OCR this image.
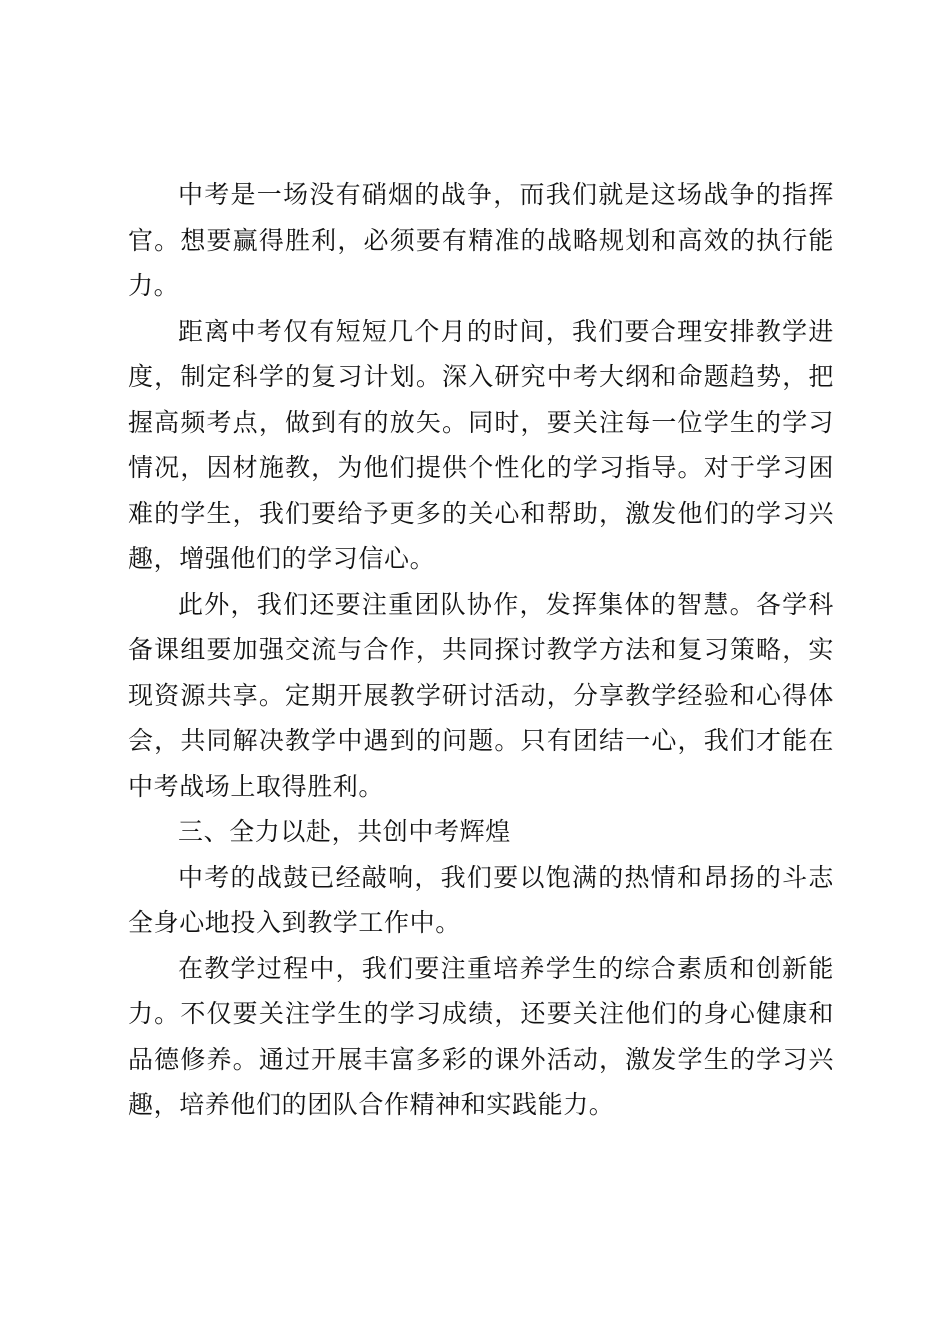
中考是一场没有硝烟的战争，而我们就是这场战争的指挥官。想要赢得胜利，必须要有精准的战略规划和高效的执行能力。

距离中考仅有短短几个月的时间，我们要合理安排教学进度，制定科学的复习计划。深入研究中考大纲和命题趋势，把握高频考点，做到有的放矢。同时，要关注每一位学生的学习情况，因材施教，为他们提供个性化的学习指导。对于学习困难的学生，我们要给予更多的关心和帮助，激发他们的学习兴趣，增强他们的学习信心。

此外，我们还要注重团队协作，发挥集体的智慧。各学科备课组要加强交流与合作，共同探讨教学方法和复习策略，实现资源共享。定期开展教学研讨活动，分享教学经验和心得体会，共同解决教学中遇到的问题。只有团结一心，我们才能在中考战场上取得胜利。

三、全力以赴，共创中考辉煌

中考的战鼓已经敲响，我们要以饱满的热情和昂扬的斗志全身心地投入到教学工作中。

在教学过程中，我们要注重培养学生的综合素质和创新能力。不仅要关注学生的学习成绩，还要关注他们的身心健康和品德修养。通过开展丰富多彩的课外活动，激发学生的学习兴趣，培养他们的团队合作精神和实践能力。
